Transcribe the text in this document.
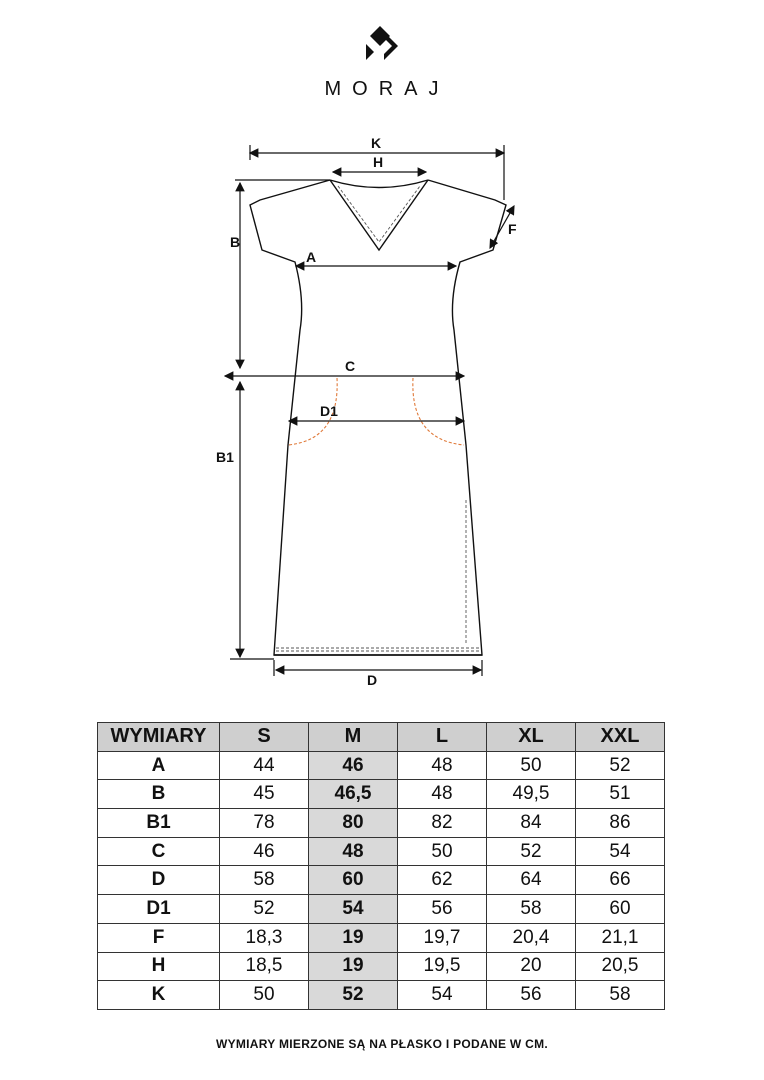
MORAJ
K
H
F
B
A
C
D1
B1
D
WYMIARY	S	M	L	XL	XXL
A	44	46	48	50	52
B	45	46,5	48	49,5	51
B1	78	80	82	84	86
C	46	48	50	52	54
D	58	60	62	64	66
D1	52	54	56	58	60
F	18,3	19	19,7	20,4	21,1
H	18,5	19	19,5	20	20,5
K	50	52	54	56	58
WYMIARY MIERZONE SĄ NA PŁASKO I PODANE W CM.
